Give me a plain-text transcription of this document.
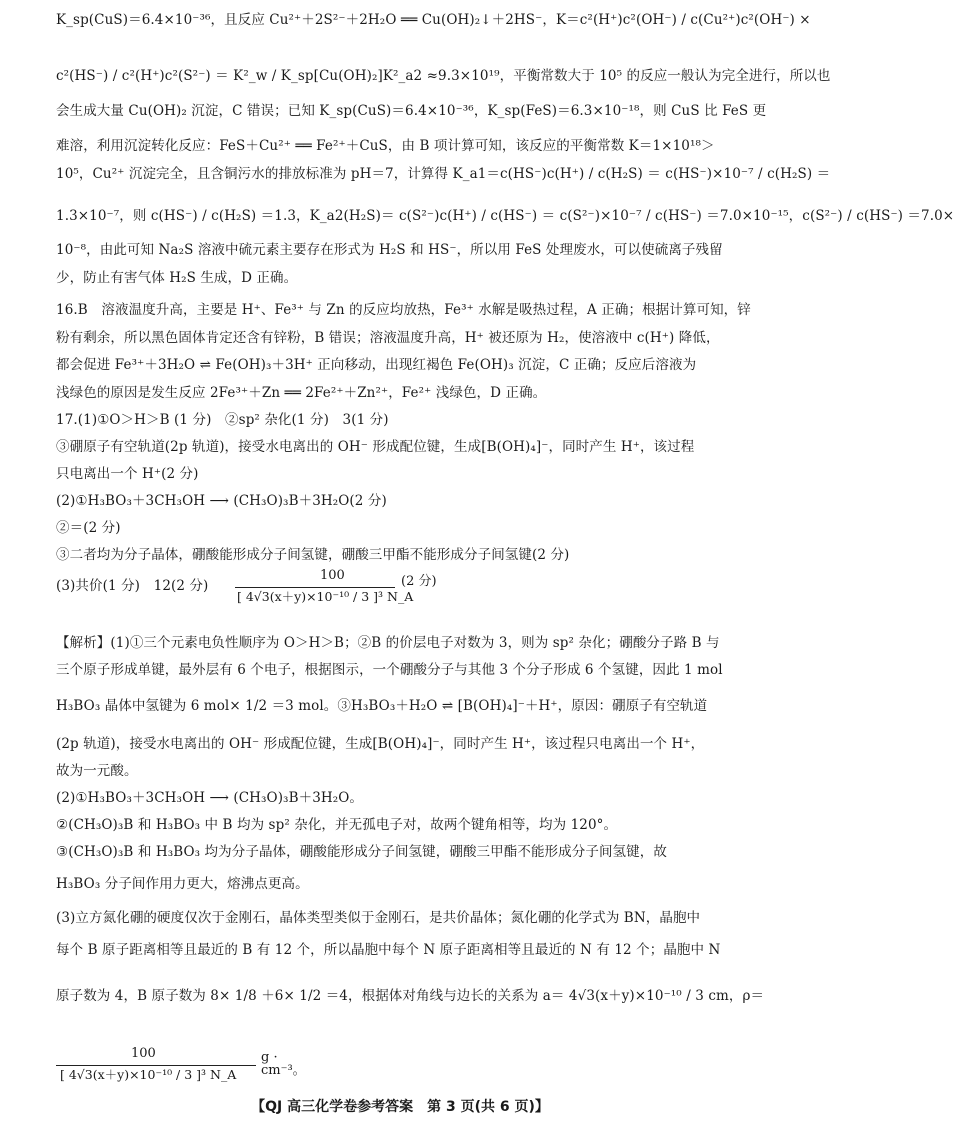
K_sp(CuS)＝6.4×10⁻³⁶，且反应 Cu²⁺＋2S²⁻＋2H₂O ══ Cu(OH)₂↓＋2HS⁻，K＝c²(H⁺)c²(OH⁻) / c(Cu²⁺)c²(OH⁻) ×
c²(HS⁻) / c²(H⁺)c²(S²⁻) ＝ K²_w / K_sp[Cu(OH)₂]K²_a2 ≈9.3×10¹⁹，平衡常数大于 10⁵ 的反应一般认为完全进行，所以也
会生成大量 Cu(OH)₂ 沉淀，C 错误；已知 K_sp(CuS)＝6.4×10⁻³⁶，K_sp(FeS)＝6.3×10⁻¹⁸，则 CuS 比 FeS 更
难溶，利用沉淀转化反应：FeS＋Cu²⁺ ══ Fe²⁺＋CuS，由 B 项计算可知，该反应的平衡常数 K＝1×10¹⁸＞
10⁵，Cu²⁺ 沉淀完全，且含铜污水的排放标准为 pH＝7，计算得 K_a1＝c(HS⁻)c(H⁺) / c(H₂S) ＝ c(HS⁻)×10⁻⁷ / c(H₂S) ＝
1.3×10⁻⁷，则 c(HS⁻) / c(H₂S) ＝1.3，K_a2(H₂S)＝ c(S²⁻)c(H⁺) / c(HS⁻) ＝ c(S²⁻)×10⁻⁷ / c(HS⁻) ＝7.0×10⁻¹⁵，c(S²⁻) / c(HS⁻) ＝7.0×
10⁻⁸，由此可知 Na₂S 溶液中硫元素主要存在形式为 H₂S 和 HS⁻，所以用 FeS 处理废水，可以使硫离子残留
少，防止有害气体 H₂S 生成，D 正确。
16.B　溶液温度升高，主要是 H⁺、Fe³⁺ 与 Zn 的反应均放热，Fe³⁺ 水解是吸热过程，A 正确；根据计算可知，锌
粉有剩余，所以黑色固体肯定还含有锌粉，B 错误；溶液温度升高，H⁺ 被还原为 H₂，使溶液中 c(H⁺) 降低，
都会促进 Fe³⁺＋3H₂O ⇌ Fe(OH)₃＋3H⁺ 正向移动，出现红褐色 Fe(OH)₃ 沉淀，C 正确；反应后溶液为
浅绿色的原因是发生反应 2Fe³⁺＋Zn ══ 2Fe²⁺＋Zn²⁺，Fe²⁺ 浅绿色，D 正确。
17.(1)①O＞H＞B (1 分)　②sp² 杂化(1 分)　3(1 分)
③硼原子有空轨道(2p 轨道)，接受水电离出的 OH⁻ 形成配位键，生成[B(OH)₄]⁻，同时产生 H⁺，该过程
只电离出一个 H⁺(2 分)
(2)①H₃BO₃＋3CH₃OH ⟶ (CH₃O)₃B＋3H₂O(2 分)
②＝(2 分)
③二者均为分子晶体，硼酸能形成分子间氢键，硼酸三甲酯不能形成分子间氢键(2 分)
(3)共价(1 分)　12(2 分)
100
[ 4√3(x＋y)×10⁻¹⁰ / 3 ]³ N_A
(2 分)
【解析】(1)①三个元素电负性顺序为 O＞H＞B；②B 的价层电子对数为 3，则为 sp² 杂化；硼酸分子路 B 与
三个原子形成单键，最外层有 6 个电子，根据图示，一个硼酸分子与其他 3 个分子形成 6 个氢键，因此 1 mol
H₃BO₃ 晶体中氢键为 6 mol× 1/2 ＝3 mol。③H₃BO₃＋H₂O ⇌ [B(OH)₄]⁻＋H⁺，原因：硼原子有空轨道
(2p 轨道)，接受水电离出的 OH⁻ 形成配位键，生成[B(OH)₄]⁻，同时产生 H⁺，该过程只电离出一个 H⁺，
故为一元酸。
(2)①H₃BO₃＋3CH₃OH ⟶ (CH₃O)₃B＋3H₂O。
②(CH₃O)₃B 和 H₃BO₃ 中 B 均为 sp² 杂化，并无孤电子对，故两个键角相等，均为 120°。
③(CH₃O)₃B 和 H₃BO₃ 均为分子晶体，硼酸能形成分子间氢键，硼酸三甲酯不能形成分子间氢键，故
H₃BO₃ 分子间作用力更大，熔沸点更高。
(3)立方氮化硼的硬度仅次于金刚石，晶体类型类似于金刚石，是共价晶体；氮化硼的化学式为 BN，晶胞中
每个 B 原子距离相等且最近的 B 有 12 个，所以晶胞中每个 N 原子距离相等且最近的 N 有 12 个；晶胞中 N
原子数为 4，B 原子数为 8× 1/8 ＋6× 1/2 ＝4，根据体对角线与边长的关系为 a＝ 4√3(x＋y)×10⁻¹⁰ / 3 cm，ρ＝
100
[ 4√3(x＋y)×10⁻¹⁰ / 3 ]³ N_A
g · cm⁻³。
【QJ 高三化学卷参考答案　第 3 页(共 6 页)】
